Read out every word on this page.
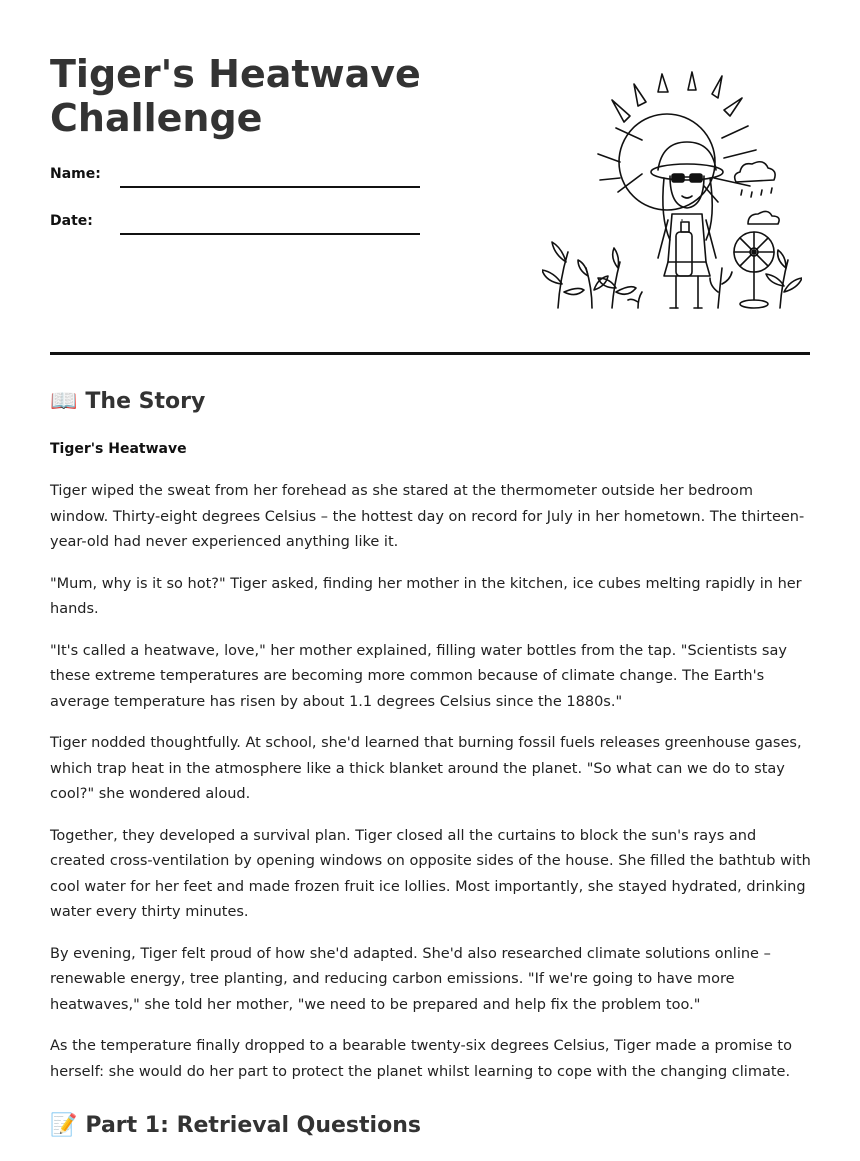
Tiger's Heatwave Challenge
Name:
Date:
📖 The Story
Tiger's Heatwave

Tiger wiped the sweat from her forehead as she stared at the thermometer outside her bedroom window. Thirty-eight degrees Celsius – the hottest day on record for July in her hometown. The thirteen-year-old had never experienced anything like it.

"Mum, why is it so hot?" Tiger asked, finding her mother in the kitchen, ice cubes melting rapidly in her hands.

"It's called a heatwave, love," her mother explained, filling water bottles from the tap. "Scientists say these extreme temperatures are becoming more common because of climate change. The Earth's average temperature has risen by about 1.1 degrees Celsius since the 1880s."

Tiger nodded thoughtfully. At school, she'd learned that burning fossil fuels releases greenhouse gases, which trap heat in the atmosphere like a thick blanket around the planet. "So what can we do to stay cool?" she wondered aloud.

Together, they developed a survival plan. Tiger closed all the curtains to block the sun's rays and created cross-ventilation by opening windows on opposite sides of the house. She filled the bathtub with cool water for her feet and made frozen fruit ice lollies. Most importantly, she stayed hydrated, drinking water every thirty minutes.

By evening, Tiger felt proud of how she'd adapted. She'd also researched climate solutions online – renewable energy, tree planting, and reducing carbon emissions. "If we're going to have more heatwaves," she told her mother, "we need to be prepared and help fix the problem too."

As the temperature finally dropped to a bearable twenty-six degrees Celsius, Tiger made a promise to herself: she would do her part to protect the planet whilst learning to cope with the changing climate.

📝 Part 1: Retrieval Questions
